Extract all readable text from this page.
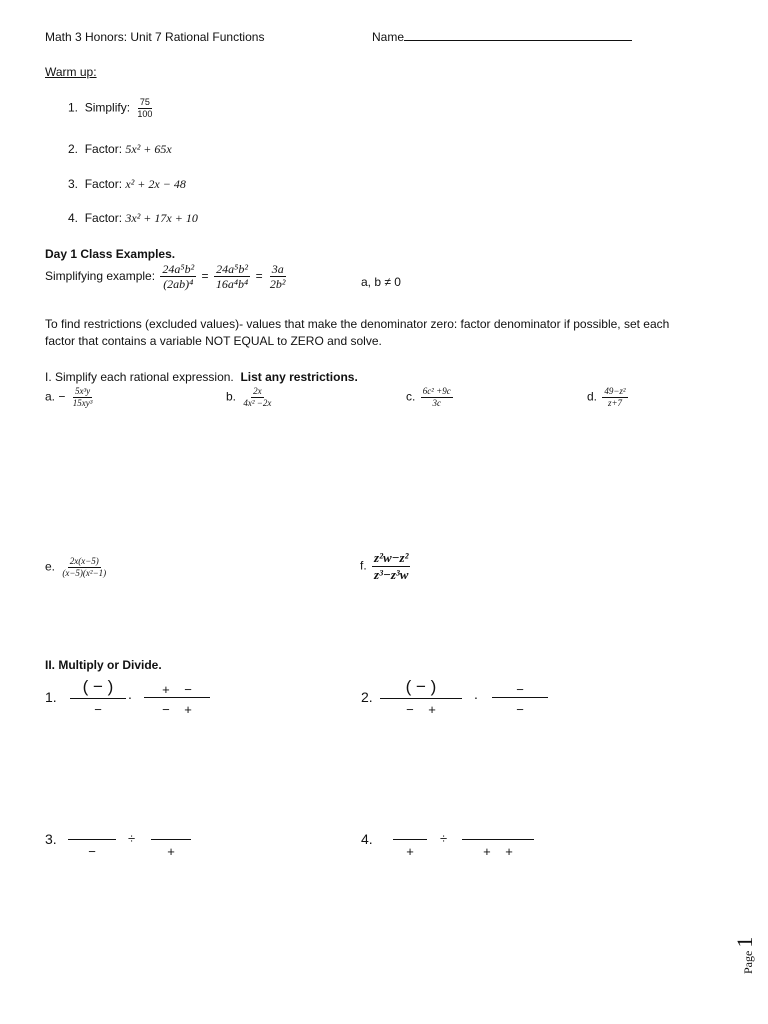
Math 3 Honors: Unit 7 Rational Functions	Name
Warm up:
1. Simplify: $\frac{75}{100}$
2. Factor: 5x² + 65x
3. Factor: x² + 2x − 48
4. Factor: 3x² + 17x + 10
Day 1 Class Examples.
Simplifying example: $\frac{\text{24a⁵b²}}{\text{(2ab)⁴}} = \frac{\text{24a⁵b²}}{\text{16a⁴b⁴}} = \frac{3a}{\text{2b²}}$	a, b ≠ 0
To find restrictions (excluded values)- values that make the denominator zero: factor denominator if possible, set each
factor that contains a variable NOT EQUAL to ZERO and solve.
I. Simplify each rational expression. List any restrictions.
a. − $\frac{\text{5x³y}}{\text{15xy³}}$	b. $\frac{2x}{\text{4x² −2x}}$	c. $\frac{\text{6c² +9c}}{3c}$	d. $\frac{\text{49−z²}}{z+7}$
e. $\frac{2x(x-5)}{\text{(x−5)(x²−1)}}$	f. $\frac{\text{z²w−z²}}{\text{z³−z³w}}$
II. Multiply or Divide.
1.
( − )
−
.	+    −
−    +
2.
( − )
−    +
.	−
−
3.
−
÷
+
4.
+
÷
+    +
Page 1
